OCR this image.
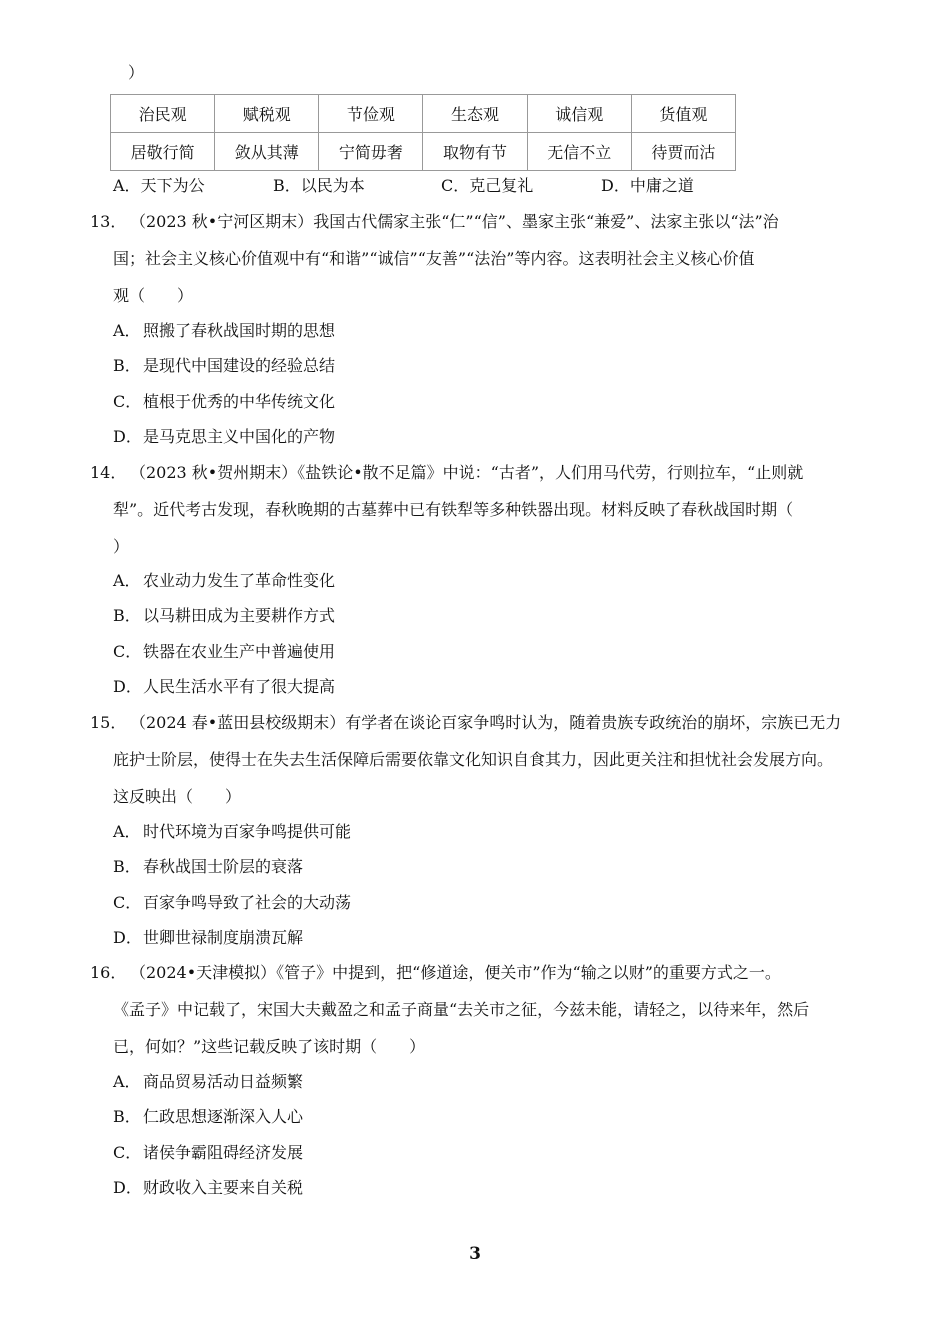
）
治民观	赋税观	节俭观	生态观	诚信观	货值观
居敬行简	敛从其薄	宁简毋奢	取物有节	无信不立	待贾而沽
A．天下为公	B．以民为本	C．克己复礼	D．中庸之道
13． （2023 秋•宁河区期末）我国古代儒家主张“仁”“信”、墨家主张“兼爱”、法家主张以“法”治
国；社会主义核心价值观中有“和谐”“诚信”“友善”“法治”等内容。这表明社会主义核心价值
观（　　）
A． 照搬了春秋战国时期的思想
B． 是现代中国建设的经验总结
C． 植根于优秀的中华传统文化
D．是马克思主义中国化的产物
14． （2023 秋•贺州期末）《盐铁论•散不足篇》中说：“古者”，人们用马代劳，行则拉车，“止则就
犁”。近代考古发现，春秋晚期的古墓葬中已有铁犁等多种铁器出现。材料反映了春秋战国时期（
）
A． 农业动力发生了革命性变化
B． 以马耕田成为主要耕作方式
C． 铁器在农业生产中普遍使用
D．人民生活水平有了很大提高
15． （2024 春•蓝田县校级期末）有学者在谈论百家争鸣时认为，随着贵族专政统治的崩坏，宗族已无力
庇护士阶层，使得士在失去生活保障后需要依靠文化知识自食其力，因此更关注和担忧社会发展方向。
这反映出（　　）
A． 时代环境为百家争鸣提供可能
B． 春秋战国士阶层的衰落
C． 百家争鸣导致了社会的大动荡
D．世卿世禄制度崩溃瓦解
16． （2024•天津模拟）《管子》中提到，把“修道途，便关市”作为“输之以财”的重要方式之一。
《孟子》中记载了，宋国大夫戴盈之和孟子商量“去关市之征，今兹未能，请轻之，以待来年，然后
已，何如？”这些记载反映了该时期（　　）
A． 商品贸易活动日益频繁
B． 仁政思想逐渐深入人心
C． 诸侯争霸阻碍经济发展
D．财政收入主要来自关税
3
